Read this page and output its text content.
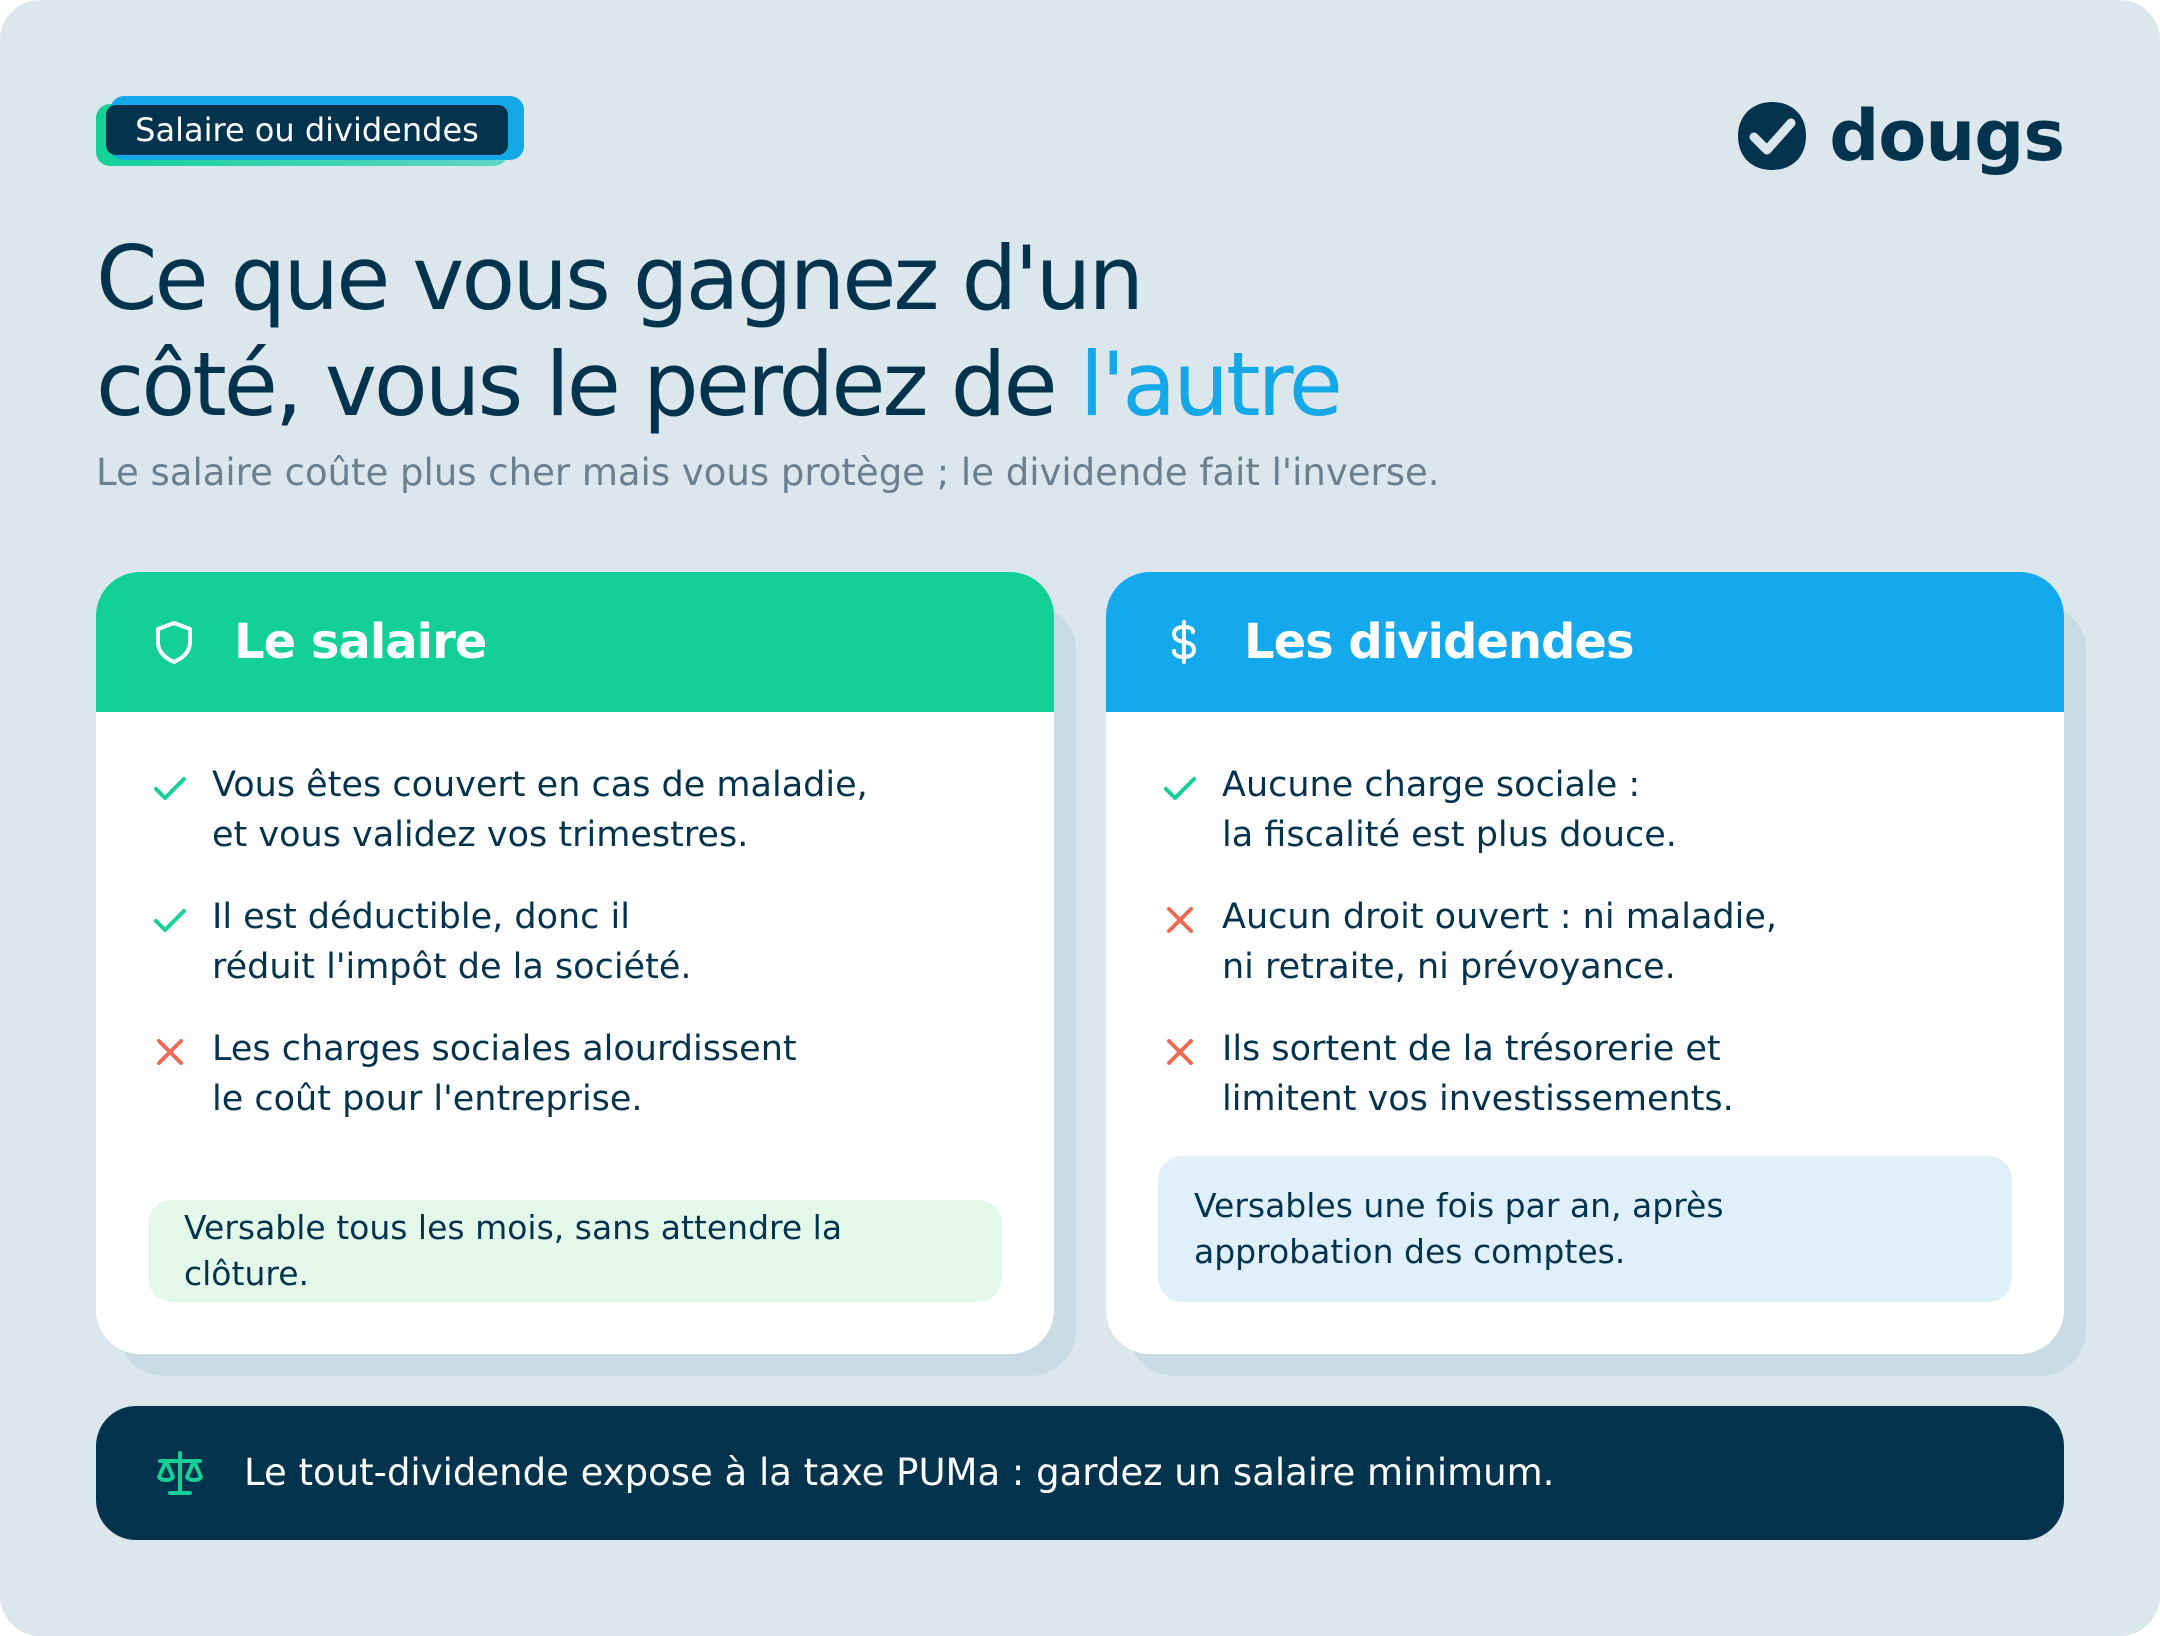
Salaire ou dividendes	dougs
Ce que vous gagnez d'un
côté, vous le perdez de l'autre
Le salaire coûte plus cher mais vous protège ; le dividende fait l'inverse.
Le salaire
Vous êtes couvert en cas de maladie,
et vous validez vos trimestres.
Il est déductible, donc il
réduit l'impôt de la société.
Les charges sociales alourdissent
le coût pour l'entreprise.
Versable tous les mois, sans attendre la clôture.
Les dividendes
Aucune charge sociale :
la fiscalité est plus douce.
Aucun droit ouvert : ni maladie,
ni retraite, ni prévoyance.
Ils sortent de la trésorerie et
limitent vos investissements.
Versables une fois par an, après
approbation des comptes.
Le tout-dividende expose à la taxe PUMa : gardez un salaire minimum.
